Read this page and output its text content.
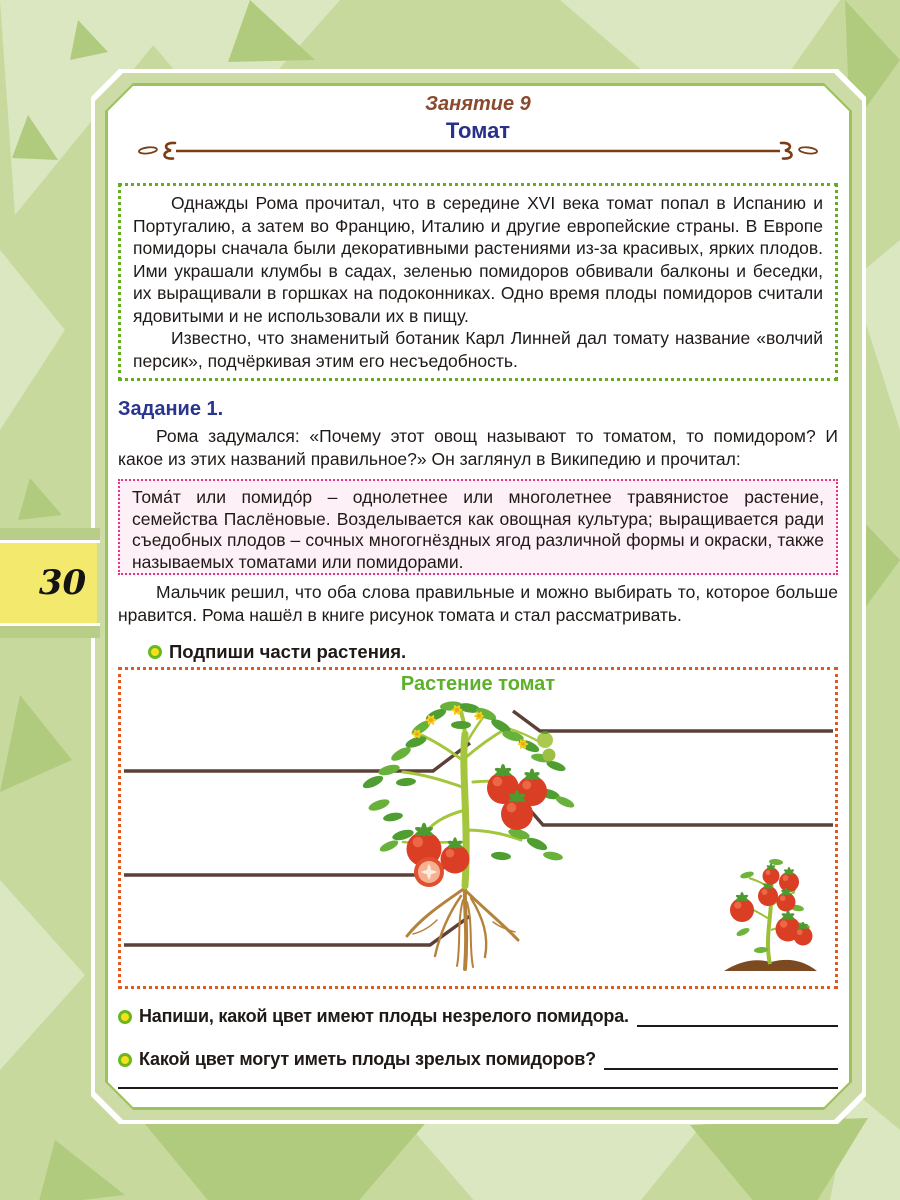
30
Занятие 9
Томат

Однажды Рома прочитал, что в середине XVI века томат попал в Испанию и Португалию, а затем во Францию, Италию и другие европейские страны. В Европе помидоры сначала были декоративными растениями из-за красивых, ярких плодов. Ими украшали клумбы в садах, зеленью помидоров обвивали балконы и беседки, их выращивали в горшках на подоконниках. Одно время плоды помидоров считали ядовитыми и не использовали их в пищу.

Известно, что знаменитый ботаник Карл Линней дал томату название «волчий персик», подчёркивая этим его несъедобность.

Задание 1.

Рома задумался: «Почему этот овощ называют то томатом, то помидором? И какое из этих названий правильное?» Он заглянул в Википедию и прочитал:

Тома́т или помидо́р – однолетнее или многолетнее травянистое растение, семейства Паслёновые. Возделывается как овощная культура; выращивается ради съедобных плодов – сочных многогнёздных ягод различной формы и окраски, также называемых томатами или помидорами.

Мальчик решил, что оба слова правильные и можно выбирать то, которое больше нравится. Рома нашёл в книге рисунок томата и стал рассматривать.

Подпиши части растения.
Растение томат
Напиши, какой цвет имеют плоды незрелого помидора.
Какой цвет могут иметь плоды зрелых помидоров?
